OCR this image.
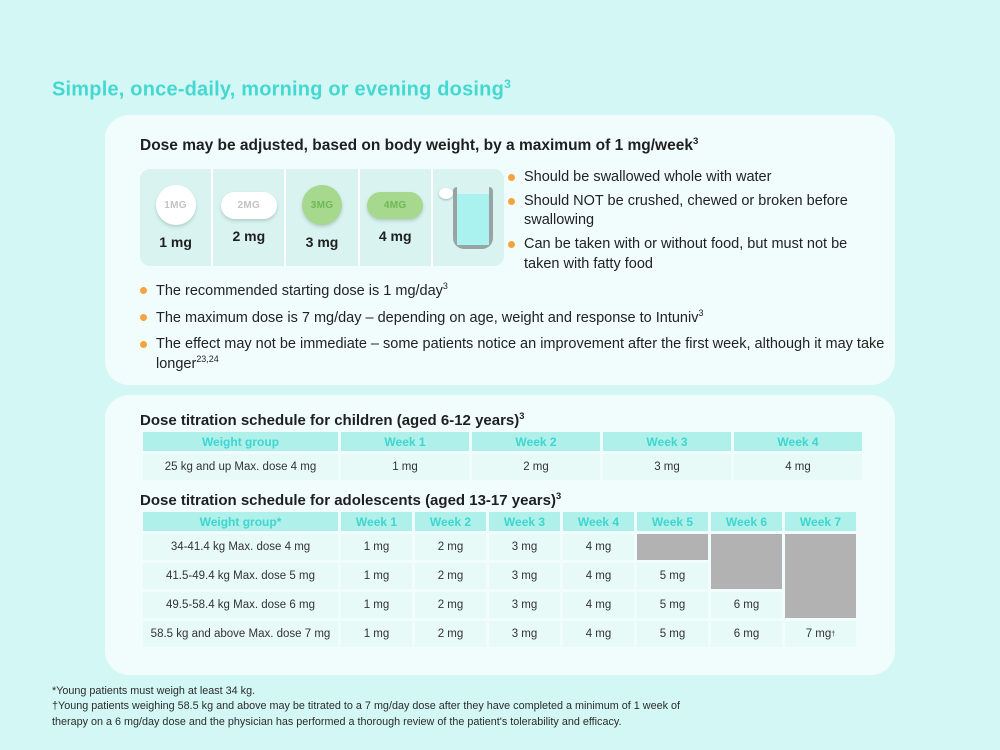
Simple, once-daily, morning or evening dosing$^3$
Dose may be adjusted, based on body weight, by a maximum of 1 mg/week$^3$
1MG
1 mg
2MG
2 mg
3MG
3 mg
4MG
4 mg
Should be swallowed whole with water
Should NOT be crushed, chewed or broken before swallowing
Can be taken with or without food, but must not be taken with fatty food
The recommended starting dose is 1 mg/day$^3$
The maximum dose is 7 mg/day – depending on age, weight and response to Intuniv$^3$
The effect may not be immediate – some patients notice an improvement after the first week, although it may take longer$^{23,24}$
Dose titration schedule for children (aged 6-12 years)$^3$
Weight group	Week 1	Week 2	Week 3	Week 4
25 kg and up Max. dose 4 mg	1 mg	2 mg	3 mg	4 mg
Dose titration schedule for adolescents (aged 13-17 years)$^3$
Weight group*	Week 1	Week 2	Week 3	Week 4	Week 5	Week 6	Week 7
34-41.4 kg Max. dose 4 mg	1 mg	2 mg	3 mg	4 mg
41.5-49.4 kg Max. dose 5 mg	1 mg	2 mg	3 mg	4 mg	5 mg
49.5-58.4 kg Max. dose 6 mg	1 mg	2 mg	3 mg	4 mg	5 mg	6 mg
58.5 kg and above Max. dose 7 mg	1 mg	2 mg	3 mg	4 mg	5 mg	6 mg	7 mg †

*Young patients must weigh at least 34 kg.

†Young patients weighing 58.5 kg and above may be titrated to a 7 mg/day dose after they have completed a minimum of 1 week of therapy on a 6 mg/day dose and the physician has performed a thorough review of the patient's tolerability and efficacy.
